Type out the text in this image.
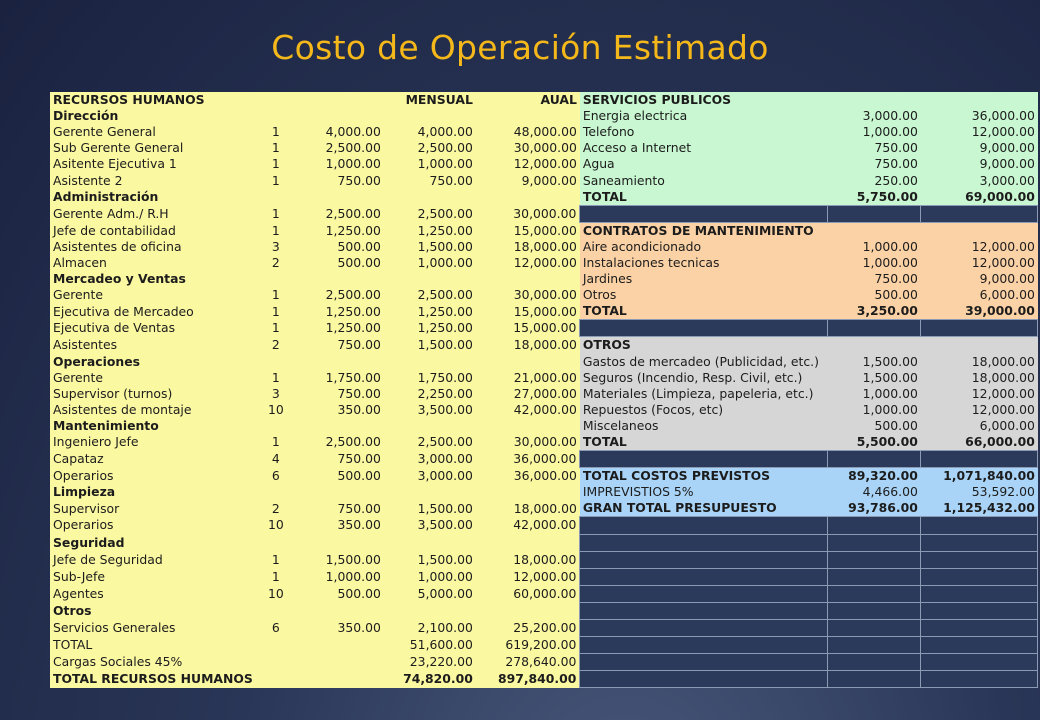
Costo de Operación Estimado
RECURSOS HUMANOS			MENSUAL	AUAL	SERVICIOS PUBLICOS		
Dirección					Energia electrica	3,000.00	36,000.00
Gerente General	1	4,000.00	4,000.00	48,000.00	Telefono	1,000.00	12,000.00
Sub Gerente General	1	2,500.00	2,500.00	30,000.00	Acceso a Internet	750.00	9,000.00
Asitente Ejecutiva 1	1	1,000.00	1,000.00	12,000.00	Agua	750.00	9,000.00
Asistente 2	1	750.00	750.00	9,000.00	Saneamiento	250.00	3,000.00
Administración					TOTAL	5,750.00	69,000.00
Gerente Adm./ R.H	1	2,500.00	2,500.00	30,000.00			
Jefe de contabilidad	1	1,250.00	1,250.00	15,000.00	CONTRATOS DE MANTENIMIENTO		
Asistentes de oficina	3	500.00	1,500.00	18,000.00	Aire acondicionado	1,000.00	12,000.00
Almacen	2	500.00	1,000.00	12,000.00	Instalaciones tecnicas	1,000.00	12,000.00
Mercadeo y Ventas					Jardines	750.00	9,000.00
Gerente	1	2,500.00	2,500.00	30,000.00	Otros	500.00	6,000.00
Ejecutiva de Mercadeo	1	1,250.00	1,250.00	15,000.00	TOTAL	3,250.00	39,000.00
Ejecutiva de Ventas	1	1,250.00	1,250.00	15,000.00			
Asistentes	2	750.00	1,500.00	18,000.00	OTROS		
Operaciones					Gastos de mercadeo (Publicidad, etc.)	1,500.00	18,000.00
Gerente	1	1,750.00	1,750.00	21,000.00	Seguros (Incendio, Resp. Civil, etc.)	1,500.00	18,000.00
Supervisor (turnos)	3	750.00	2,250.00	27,000.00	Materiales (Limpieza, papeleria, etc.)	1,000.00	12,000.00
Asistentes de montaje	10	350.00	3,500.00	42,000.00	Repuestos (Focos, etc)	1,000.00	12,000.00
Mantenimiento					Miscelaneos	500.00	6,000.00
Ingeniero Jefe	1	2,500.00	2,500.00	30,000.00	TOTAL	5,500.00	66,000.00
Capataz	4	750.00	3,000.00	36,000.00			
Operarios	6	500.00	3,000.00	36,000.00	TOTAL COSTOS PREVISTOS	89,320.00	1,071,840.00
Limpieza					IMPREVISTIOS 5%	4,466.00	53,592.00
Supervisor	2	750.00	1,500.00	18,000.00	GRAN TOTAL PRESUPUESTO	93,786.00	1,125,432.00
Operarios	10	350.00	3,500.00	42,000.00			
Seguridad							
Jefe de Seguridad	1	1,500.00	1,500.00	18,000.00			
Sub-Jefe	1	1,000.00	1,000.00	12,000.00			
Agentes	10	500.00	5,000.00	60,000.00			
Otros							
Servicios Generales	6	350.00	2,100.00	25,200.00			
TOTAL			51,600.00	619,200.00			
Cargas Sociales 45%			23,220.00	278,640.00			
TOTAL RECURSOS HUMANOS			74,820.00	897,840.00			
